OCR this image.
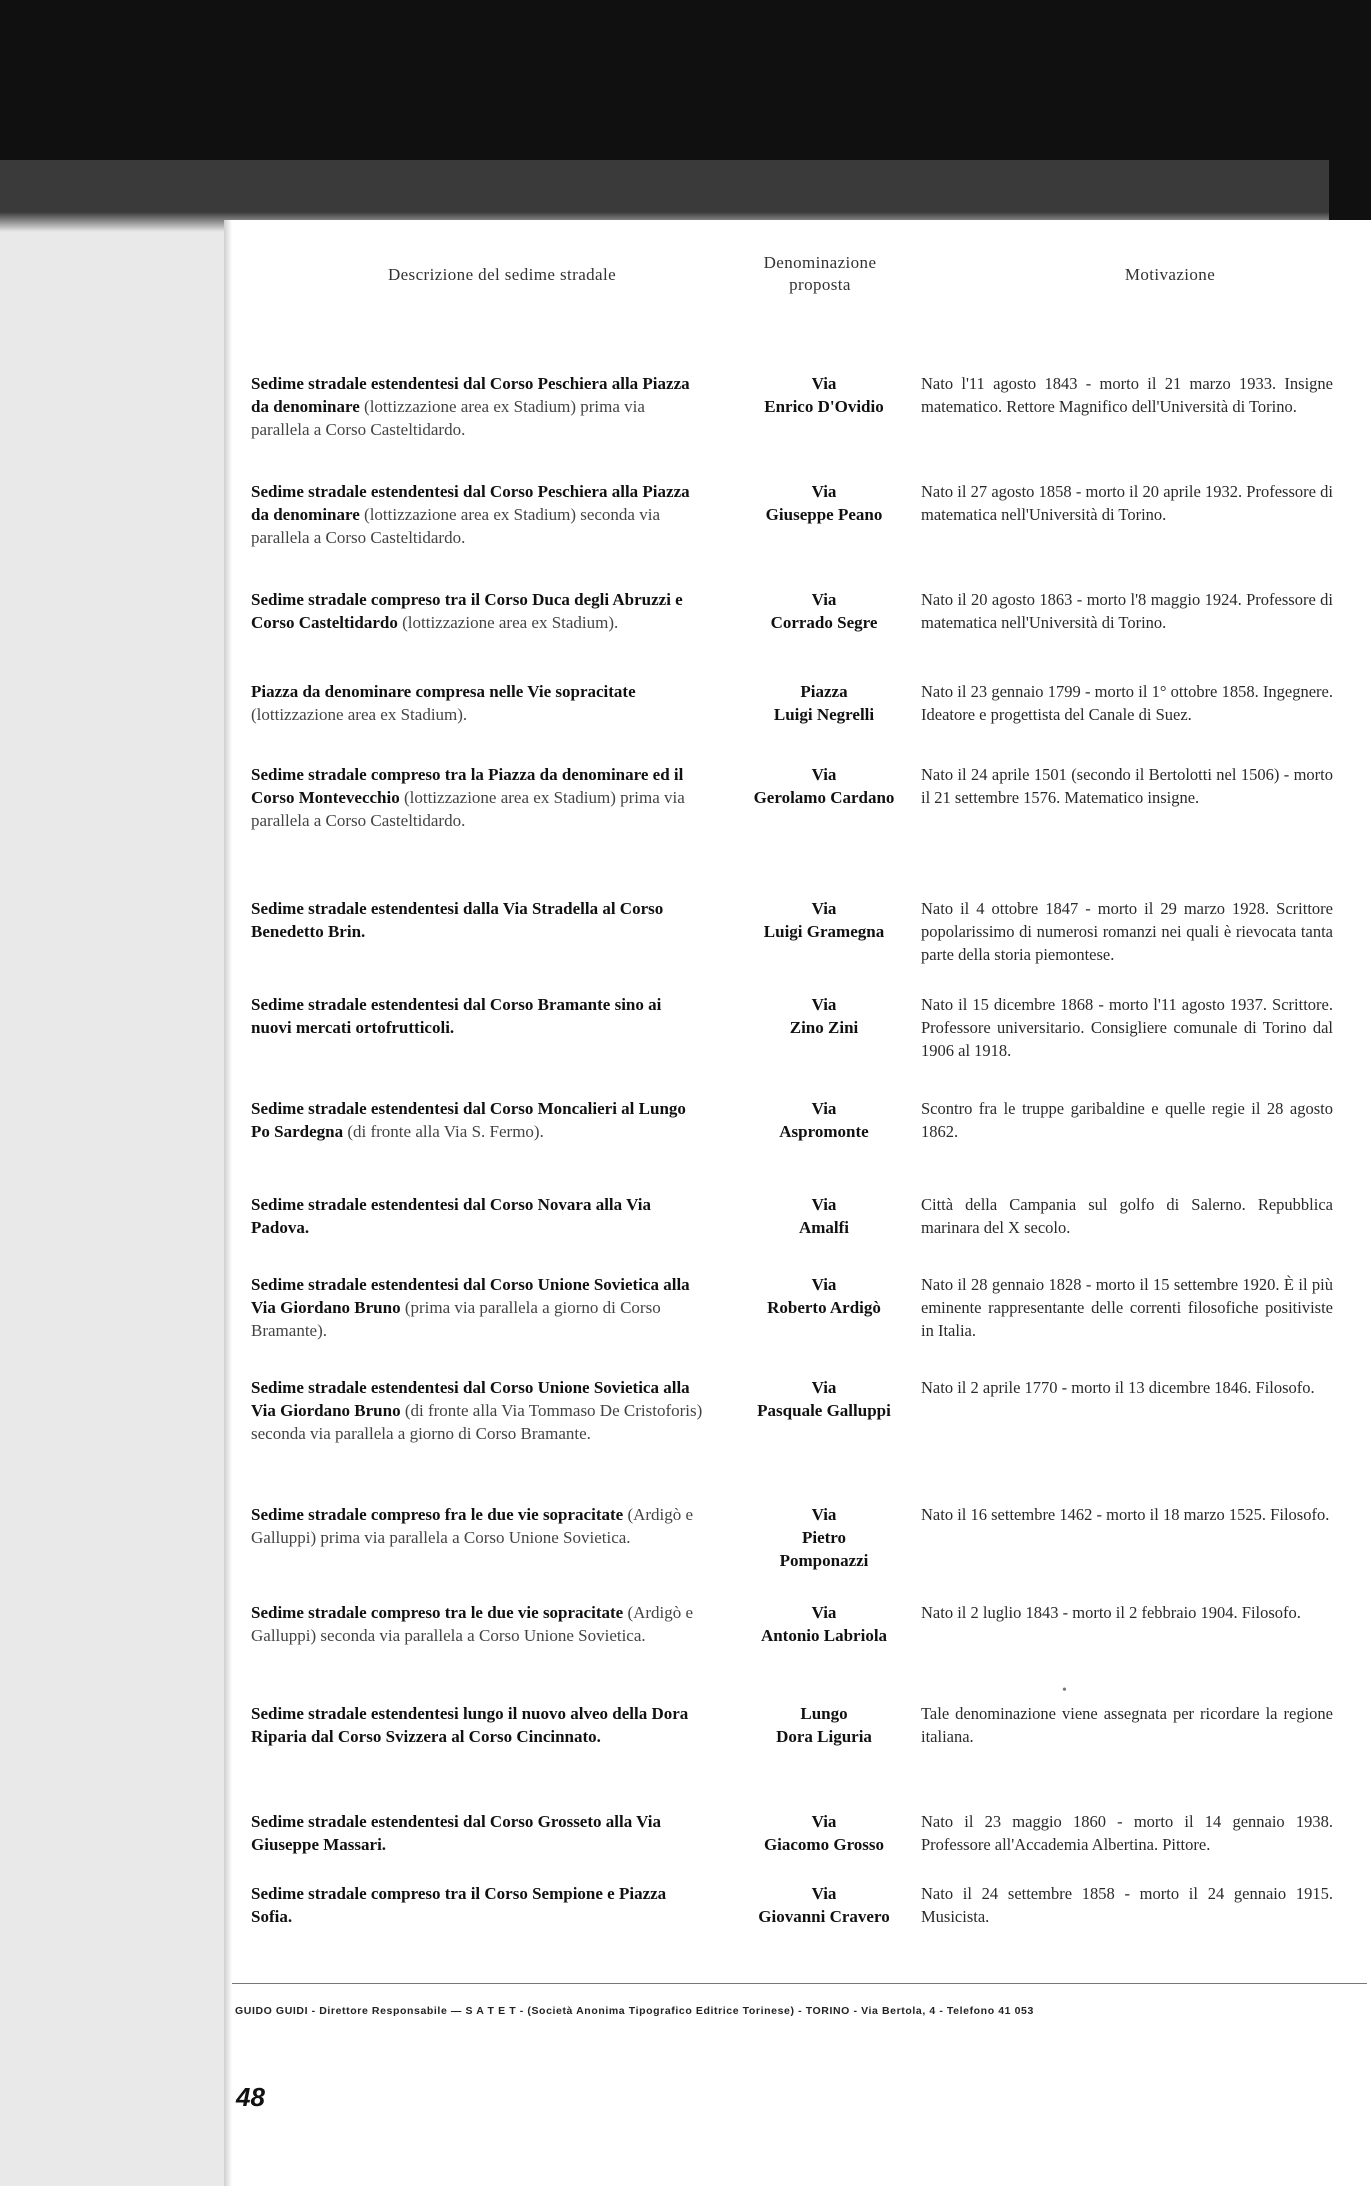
Descrizione del sedime stradale
Denominazione
proposta
Motivazione
Sedime stradale estendentesi dal Corso Peschiera alla Piazza da denominare (lottizzazione area ex Stadium) prima via parallela a Corso Casteltidardo.
Via
Enrico D'Ovidio
Nato l'11 agosto 1843 - morto il 21 marzo 1933. Insigne matematico. Rettore Magnifico dell'Università di Torino.
Sedime stradale estendentesi dal Corso Peschiera alla Piazza da denominare (lottizzazione area ex Stadium) seconda via parallela a Corso Casteltidardo.
Via
Giuseppe Peano
Nato il 27 agosto 1858 - morto il 20 aprile 1932. Professore di matematica nell'Università di Torino.
Sedime stradale compreso tra il Corso Duca degli Abruzzi e Corso Casteltidardo (lottizzazione area ex Stadium).
Via
Corrado Segre
Nato il 20 agosto 1863 - morto l'8 maggio 1924. Professore di matematica nell'Università di Torino.
Piazza da denominare compresa nelle Vie sopracitate (lottizzazione area ex Stadium).
Piazza
Luigi Negrelli
Nato il 23 gennaio 1799 - morto il 1° ottobre 1858. Ingegnere. Ideatore e progettista del Canale di Suez.
Sedime stradale compreso tra la Piazza da denominare ed il Corso Montevecchio (lottizzazione area ex Stadium) prima via parallela a Corso Casteltidardo.
Via
Gerolamo Cardano
Nato il 24 aprile 1501 (secondo il Bertolotti nel 1506) - morto il 21 settembre 1576. Matematico insigne.
Sedime stradale estendentesi dalla Via Stradella al Corso Benedetto Brin.
Via
Luigi Gramegna
Nato il 4 ottobre 1847 - morto il 29 marzo 1928. Scrittore popolarissimo di numerosi romanzi nei quali è rievocata tanta parte della storia piemontese.
Sedime stradale estendentesi dal Corso Bramante sino ai nuovi mercati ortofrutticoli.
Via
Zino Zini
Nato il 15 dicembre 1868 - morto l'11 agosto 1937. Scrittore. Professore universitario. Consigliere comunale di Torino dal 1906 al 1918.
Sedime stradale estendentesi dal Corso Moncalieri al Lungo Po Sardegna (di fronte alla Via S. Fermo).
Via
Aspromonte
Scontro fra le truppe garibaldine e quelle regie il 28 agosto 1862.
Sedime stradale estendentesi dal Corso Novara alla Via Padova.
Via
Amalfi
Città della Campania sul golfo di Salerno. Repubblica marinara del X secolo.
Sedime stradale estendentesi dal Corso Unione Sovietica alla Via Giordano Bruno (prima via parallela a giorno di Corso Bramante).
Via
Roberto Ardigò
Nato il 28 gennaio 1828 - morto il 15 settembre 1920. È il più eminente rappresentante delle correnti filosofiche positiviste in Italia.
Sedime stradale estendentesi dal Corso Unione Sovietica alla Via Giordano Bruno (di fronte alla Via Tommaso De Cristoforis) seconda via parallela a giorno di Corso Bramante.
Via
Pasquale Galluppi
Nato il 2 aprile 1770 - morto il 13 dicembre 1846. Filosofo.
Sedime stradale compreso fra le due vie sopracitate (Ardigò e Galluppi) prima via parallela a Corso Unione Sovietica.
Via
Pietro
Pomponazzi
Nato il 16 settembre 1462 - morto il 18 marzo 1525. Filosofo.
Sedime stradale compreso tra le due vie sopracitate (Ardigò e Galluppi) seconda via parallela a Corso Unione Sovietica.
Via
Antonio Labriola
Nato il 2 luglio 1843 - morto il 2 febbraio 1904. Filosofo.
Sedime stradale estendentesi lungo il nuovo alveo della Dora Riparia dal Corso Svizzera al Corso Cincinnato.
Lungo
Dora Liguria
Tale denominazione viene assegnata per ricordare la regione italiana.
Sedime stradale estendentesi dal Corso Grosseto alla Via Giuseppe Massari.
Via
Giacomo Grosso
Nato il 23 maggio 1860 - morto il 14 gennaio 1938. Professore all'Accademia Albertina. Pittore.
Sedime stradale compreso tra il Corso Sempione e Piazza Sofia.
Via
Giovanni Cravero
Nato il 24 settembre 1858 - morto il 24 gennaio 1915. Musicista.
•
GUIDO GUIDI - Direttore Responsabile — S A T E T - (Società Anonima Tipografico Editrice Torinese) - TORINO - Via Bertola, 4 - Telefono 41 053
48
